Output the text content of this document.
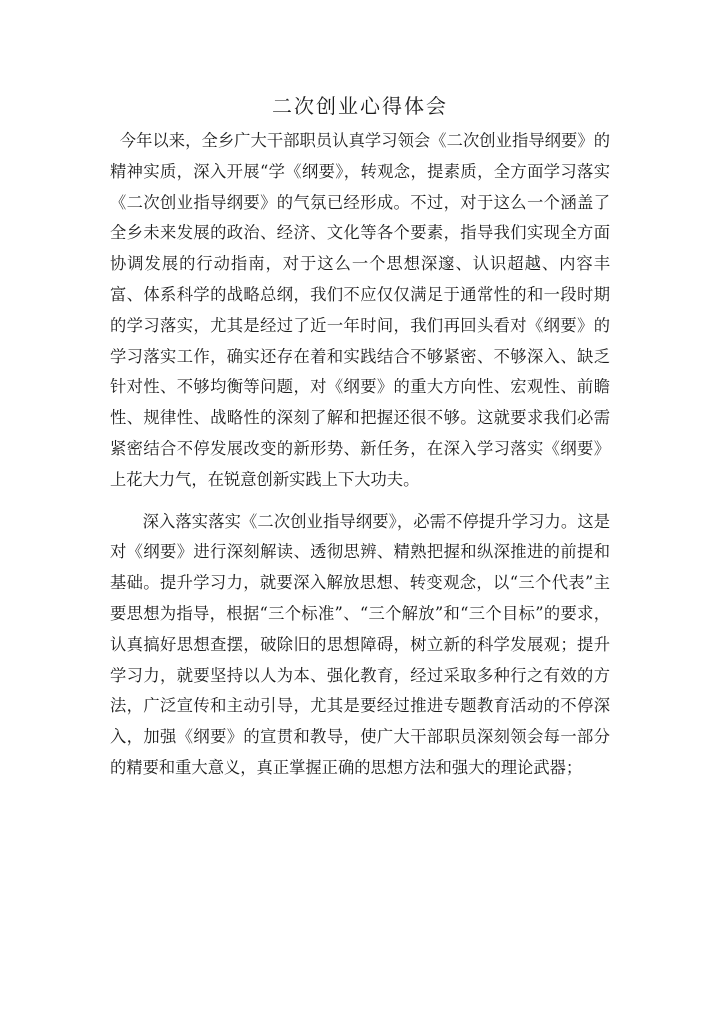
二次创业心得体会

今年以来，全乡广大干部职员认真学习领会《二次创业指导纲要》的精神实质，深入开展“学《纲要》，转观念，提素质，全方面学习落实《二次创业指导纲要》的气氛已经形成。不过，对于这么一个涵盖了全乡未来发展的政治、经济、文化等各个要素，指导我们实现全方面协调发展的行动指南，对于这么一个思想深邃、认识超越、内容丰富、体系科学的战略总纲，我们不应仅仅满足于通常性的和一段时期的学习落实，尤其是经过了近一年时间，我们再回头看对《纲要》的学习落实工作，确实还存在着和实践结合不够紧密、不够深入、缺乏针对性、不够均衡等问题，对《纲要》的重大方向性、宏观性、前瞻性、规律性、战略性的深刻了解和把握还很不够。这就要求我们必需紧密结合不停发展改变的新形势、新任务，在深入学习落实《纲要》上花大力气，在锐意创新实践上下大功夫。

深入落实落实《二次创业指导纲要》，必需不停提升学习力。这是对《纲要》进行深刻解读、透彻思辨、精熟把握和纵深推进的前提和基础。提升学习力，就要深入解放思想、转变观念，以“三个代表”主要思想为指导，根据“三个标准”、“三个解放”和“三个目标”的要求，认真搞好思想查摆，破除旧的思想障碍，树立新的科学发展观；提升学习力，就要坚持以人为本、强化教育，经过采取多种行之有效的方法，广泛宣传和主动引导，尤其是要经过推进专题教育活动的不停深入，加强《纲要》的宣贯和教导，使广大干部职员深刻领会每一部分的精要和重大意义，真正掌握正确的思想方法和强大的理论武器；
